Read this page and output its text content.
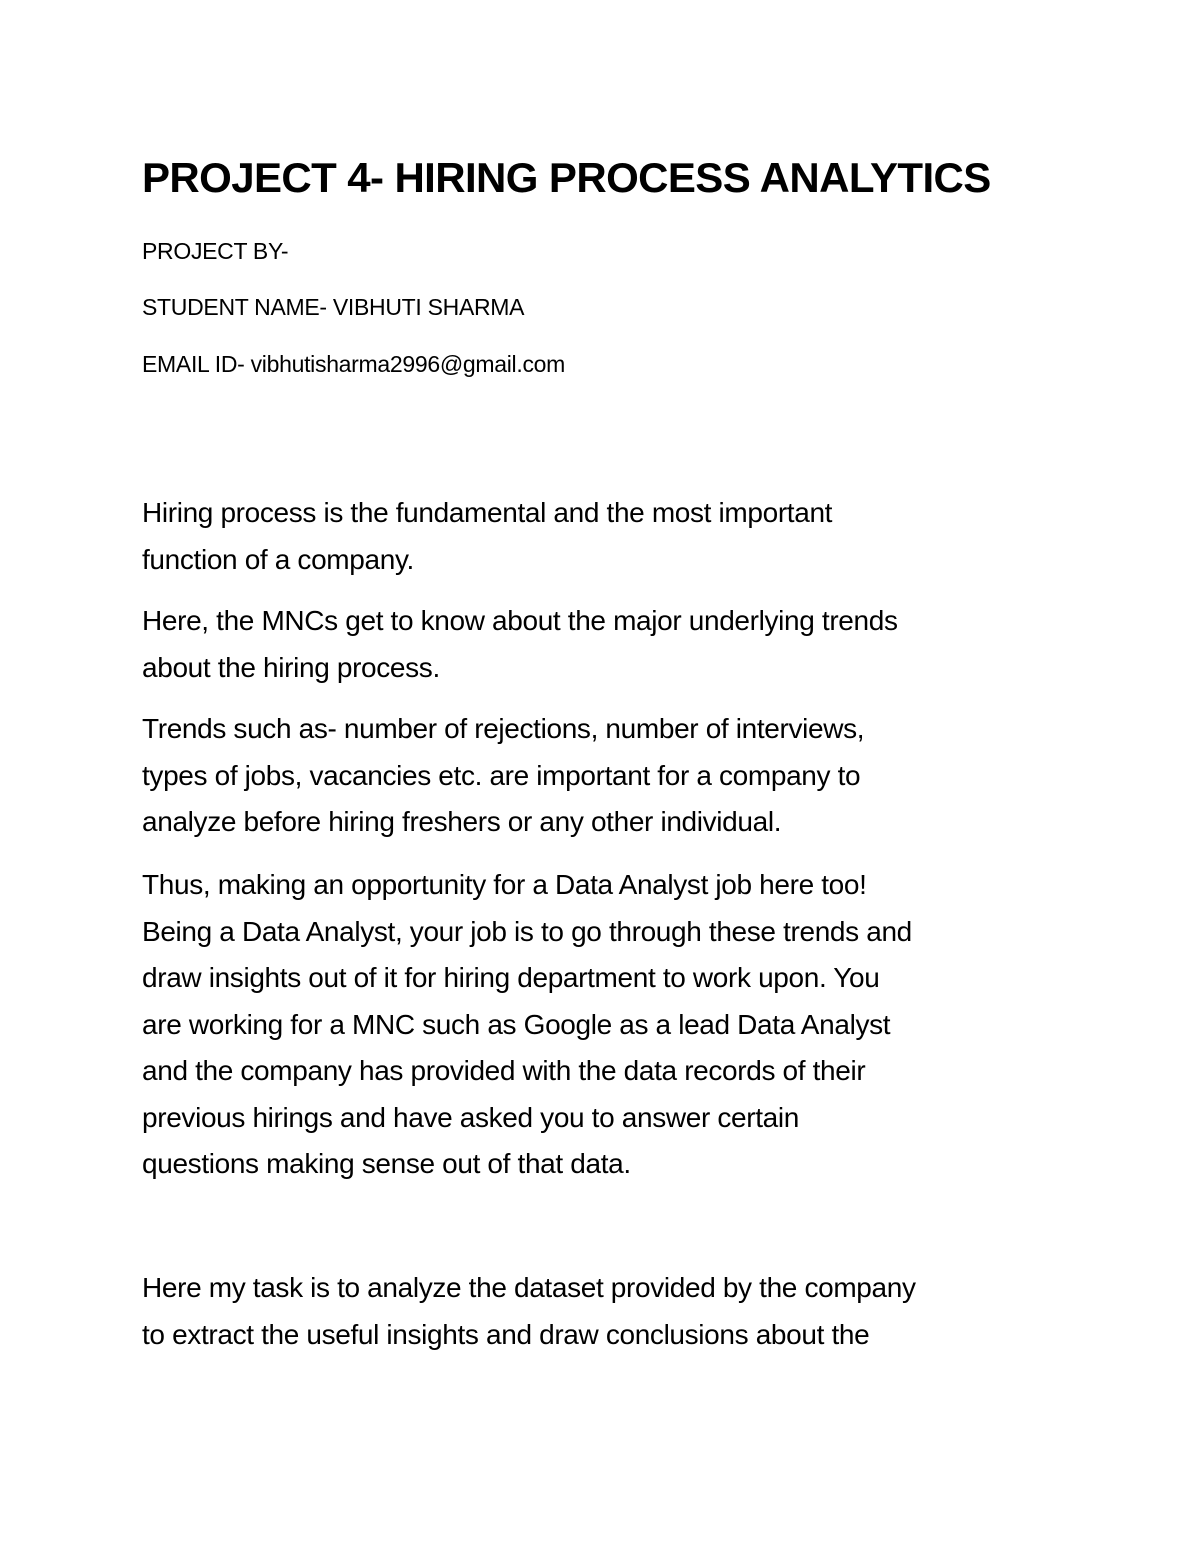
PROJECT 4- HIRING PROCESS ANALYTICS

PROJECT BY-

STUDENT NAME- VIBHUTI SHARMA

EMAIL ID- vibhutisharma2996@gmail.com

Hiring process is the fundamental and the most important
function of a company.

Here, the MNCs get to know about the major underlying trends
about the hiring process.

Trends such as- number of rejections, number of interviews,
types of jobs, vacancies etc. are important for a company to
analyze before hiring freshers or any other individual.

Thus, making an opportunity for a Data Analyst job here too!
Being a Data Analyst, your job is to go through these trends and
draw insights out of it for hiring department to work upon. You
are working for a MNC such as Google as a lead Data Analyst
and the company has provided with the data records of their
previous hirings and have asked you to answer certain
questions making sense out of that data.

Here my task is to analyze the dataset provided by the company
to extract the useful insights and draw conclusions about the
